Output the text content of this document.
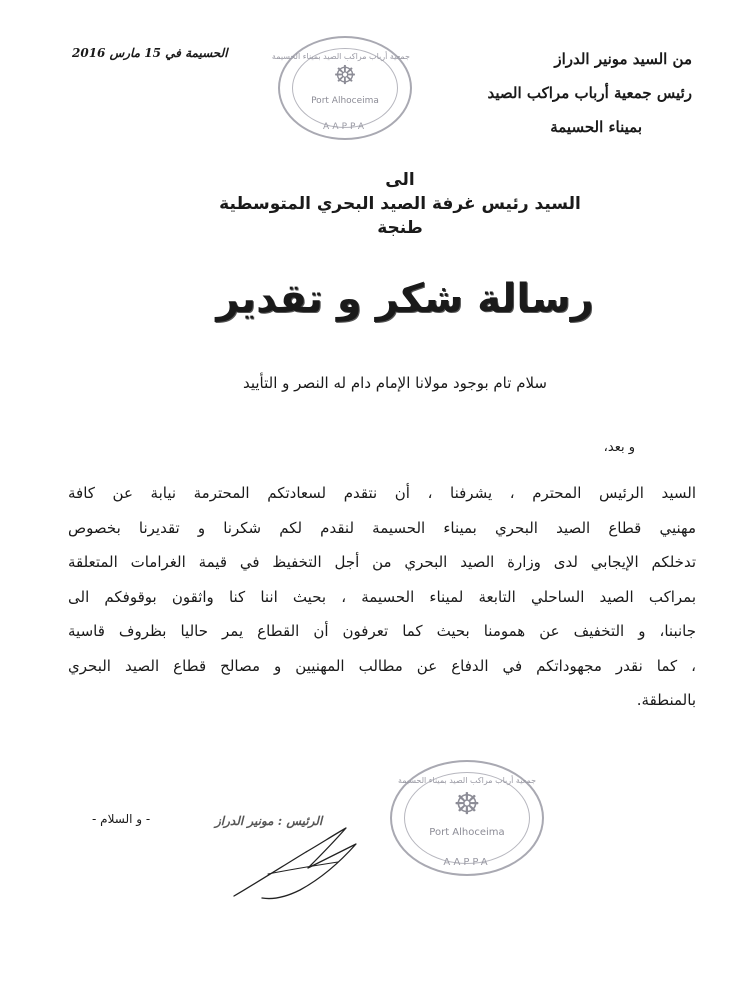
من السيد مونير الدراز
رئيس جمعية أرباب مراكب الصيد
بميناء الحسيمة
الحسيمة في 15 مارس 2016	جمعية أرباب مراكب الصيد بميناء الحسيمة
☸
Port Alhoceima
AAPPA
الى
السيد رئيس غرفة الصيد البحري المتوسطية
طنجة
رسالة شكر و تقدير
سلام تام بوجود مولانا الإمام دام له النصر و التأييد
و بعد،
السيد الرئيس المحترم ، يشرفنا ، أن نتقدم لسعادتكم المحترمة نيابة عن كافة
مهنيي قطاع الصيد البحري بميناء الحسيمة لنقدم لكم شكرنا و تقديرنا بخصوص
تدخلكم الإيجابي لدى وزارة الصيد البحري من أجل التخفيظ في قيمة الغرامات المتعلقة
بمراكب الصيد الساحلي التابعة لميناء الحسيمة ، بحيث اننا كنا واثقون بوقوفكم الى
جانبنا، و التخفيف عن همومنا بحيث كما تعرفون أن القطاع يمر حاليا بظروف قاسية
، كما نقدر مجهوداتكم في الدفاع عن مطالب المهنيين و مصالح قطاع الصيد البحري
بالمنطقة.
- و السلام -	الرئيس : مونير الدراز
جمعية أرباب مراكب الصيد بميناء الحسيمة
☸
Port Alhoceima
AAPPA
